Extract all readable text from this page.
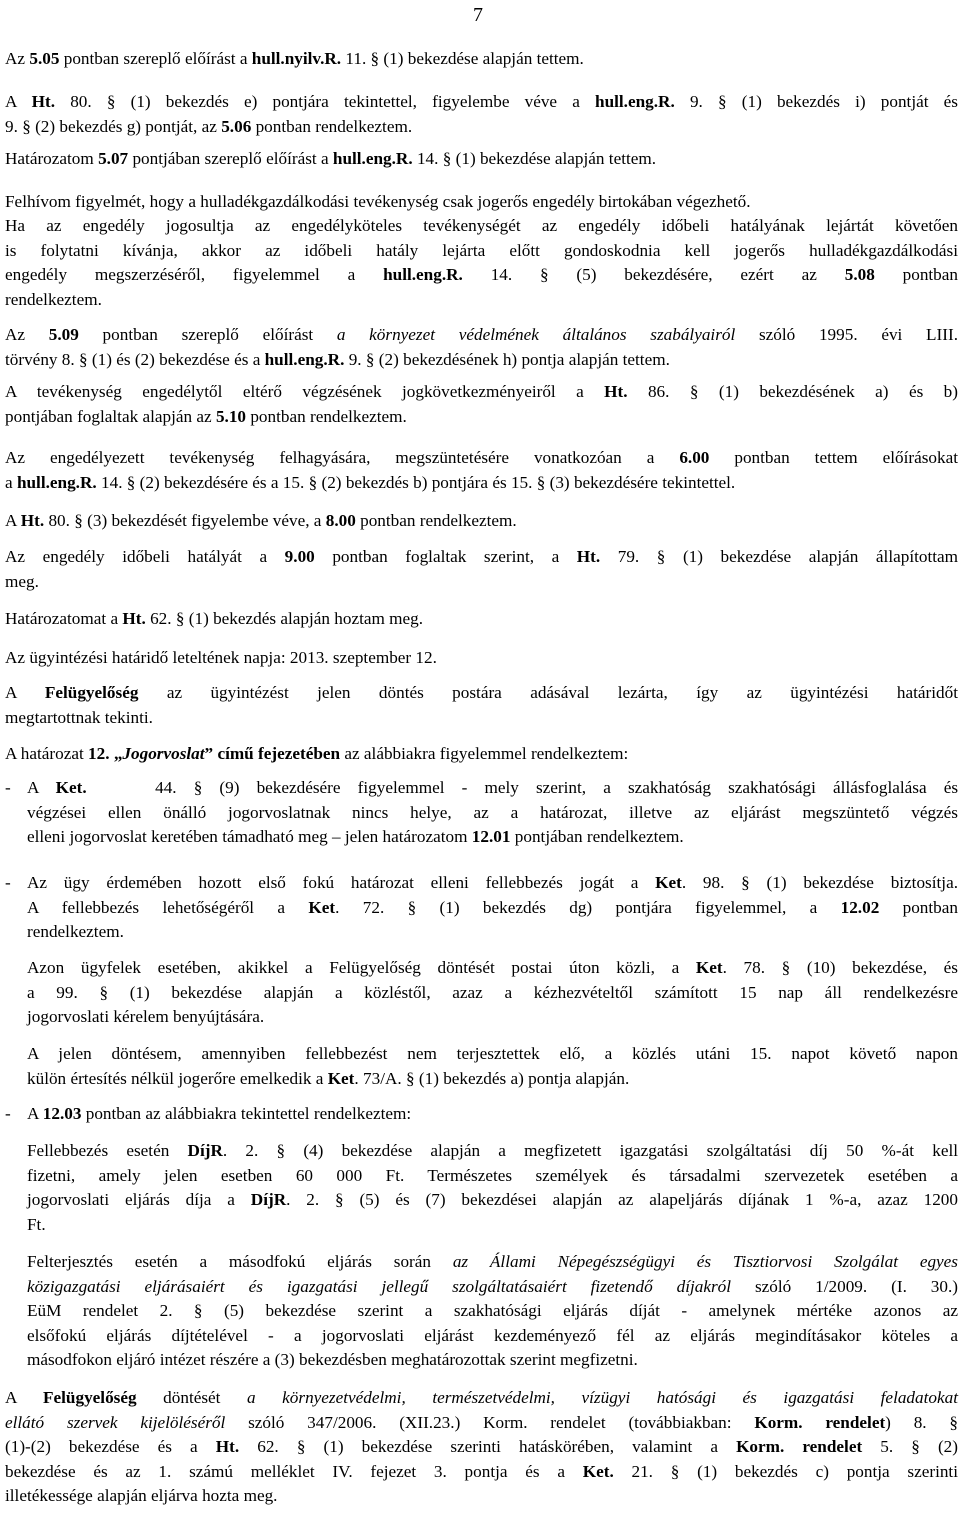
7
Az 5.05 pontban szereplő előírást a hull.nyilv.R. 11. § (1) bekezdése alapján tettem.
A Ht. 80. § (1) bekezdés e) pontjára tekintettel, figyelembe véve a hull.eng.R. 9. § (1) bekezdés i) pontját és
9. § (2) bekezdés g) pontját, az 5.06 pontban rendelkeztem.
Határozatom 5.07 pontjában szereplő előírást a hull.eng.R. 14. § (1) bekezdése alapján tettem.
Felhívom figyelmét, hogy a hulladékgazdálkodási tevékenység csak jogerős engedély birtokában végezhető.
Ha az engedély jogosultja az engedélyköteles tevékenységét az engedély időbeli hatályának lejártát követően
is folytatni kívánja, akkor az időbeli hatály lejárta előtt gondoskodnia kell jogerős hulladékgazdálkodási
engedély megszerzéséről, figyelemmel a hull.eng.R. 14. § (5) bekezdésére, ezért az 5.08 pontban
rendelkeztem.
Az 5.09 pontban szereplő előírást a környezet védelmének általános szabályairól szóló 1995. évi LIII.
törvény 8. § (1) és (2) bekezdése és a hull.eng.R. 9. § (2) bekezdésének h) pontja alapján tettem.
A tevékenység engedélytől eltérő végzésének jogkövetkezményeiről a Ht. 86. § (1) bekezdésének a) és b)
pontjában foglaltak alapján az 5.10 pontban rendelkeztem.
Az engedélyezett tevékenység felhagyására, megszüntetésére vonatkozóan a 6.00 pontban tettem előírásokat
a hull.eng.R. 14. § (2) bekezdésére és a 15. § (2) bekezdés b) pontjára és 15. § (3) bekezdésére tekintettel.
A Ht. 80. § (3) bekezdését figyelembe véve, a 8.00 pontban rendelkeztem.
Az engedély időbeli hatályát a 9.00 pontban foglaltak szerint, a Ht. 79. § (1) bekezdése alapján állapítottam
meg.
Határozatomat a Ht. 62. § (1) bekezdés alapján hoztam meg.
Az ügyintézési határidő leteltének napja: 2013. szeptember 12.
A Felügyelőség az ügyintézést jelen döntés postára adásával lezárta, így az ügyintézési határidőt
megtartottnak tekinti.
A határozat 12. „Jogorvoslat” című fejezetében az alábbiakra figyelemmel rendelkeztem:
- A Ket.    44. § (9) bekezdésére figyelemmel - mely szerint, a szakhatóság szakhatósági állásfoglalása és
végzései ellen önálló jogorvoslatnak nincs helye, az a határozat, illetve az eljárást megszüntető végzés
elleni jogorvoslat keretében támadható meg – jelen határozatom 12.01 pontjában rendelkeztem.
- Az ügy érdemében hozott első fokú határozat elleni fellebbezés jogát a Ket. 98. § (1) bekezdése biztosítja.
A fellebbezés lehetőségéről a Ket. 72. § (1) bekezdés dg) pontjára figyelemmel, a 12.02 pontban
rendelkeztem.
Azon ügyfelek esetében, akikkel a Felügyelőség döntését postai úton közli, a Ket. 78. § (10) bekezdése, és
a 99. § (1) bekezdése alapján a közléstől, azaz a kézhezvételtől számított 15 nap áll rendelkezésre
jogorvoslati kérelem benyújtására.
A jelen döntésem, amennyiben fellebbezést nem terjesztettek elő, a közlés utáni 15. napot követő napon
külön értesítés nélkül jogerőre emelkedik a Ket. 73/A. § (1) bekezdés a) pontja alapján.
- A 12.03 pontban az alábbiakra tekintettel rendelkeztem:
Fellebbezés esetén DíjR. 2. § (4) bekezdése alapján a megfizetett igazgatási szolgáltatási díj 50 %-át kell
fizetni, amely jelen esetben 60 000 Ft. Természetes személyek és társadalmi szervezetek esetében a
jogorvoslati eljárás díja a DíjR. 2. § (5) és (7) bekezdései alapján az alapeljárás díjának 1 %-a, azaz 1200
Ft.
Felterjesztés esetén a másodfokú eljárás során az Állami Népegészségügyi és Tisztiorvosi Szolgálat egyes
közigazgatási eljárásaiért és igazgatási jellegű szolgáltatásaiért fizetendő díjakról szóló 1/2009. (I. 30.)
EüM rendelet 2. § (5) bekezdése szerint a szakhatósági eljárás díját - amelynek mértéke azonos az
elsőfokú eljárás díjtételével - a jogorvoslati eljárást kezdeményező fél az eljárás megindításakor köteles a
másodfokon eljáró intézet részére a (3) bekezdésben meghatározottak szerint megfizetni.
A Felügyelőség döntését a környezetvédelmi, természetvédelmi, vízügyi hatósági és igazgatási feladatokat
ellátó szervek kijelöléséről szóló 347/2006. (XII.23.) Korm. rendelet (továbbiakban: Korm. rendelet) 8. §
(1)-(2) bekezdése és a Ht. 62. § (1) bekezdése szerinti hatáskörében, valamint a Korm. rendelet 5. § (2)
bekezdése és az 1. számú melléklet IV. fejezet 3. pontja és a Ket. 21. § (1) bekezdés c) pontja szerinti
illetékessége alapján eljárva hozta meg.
